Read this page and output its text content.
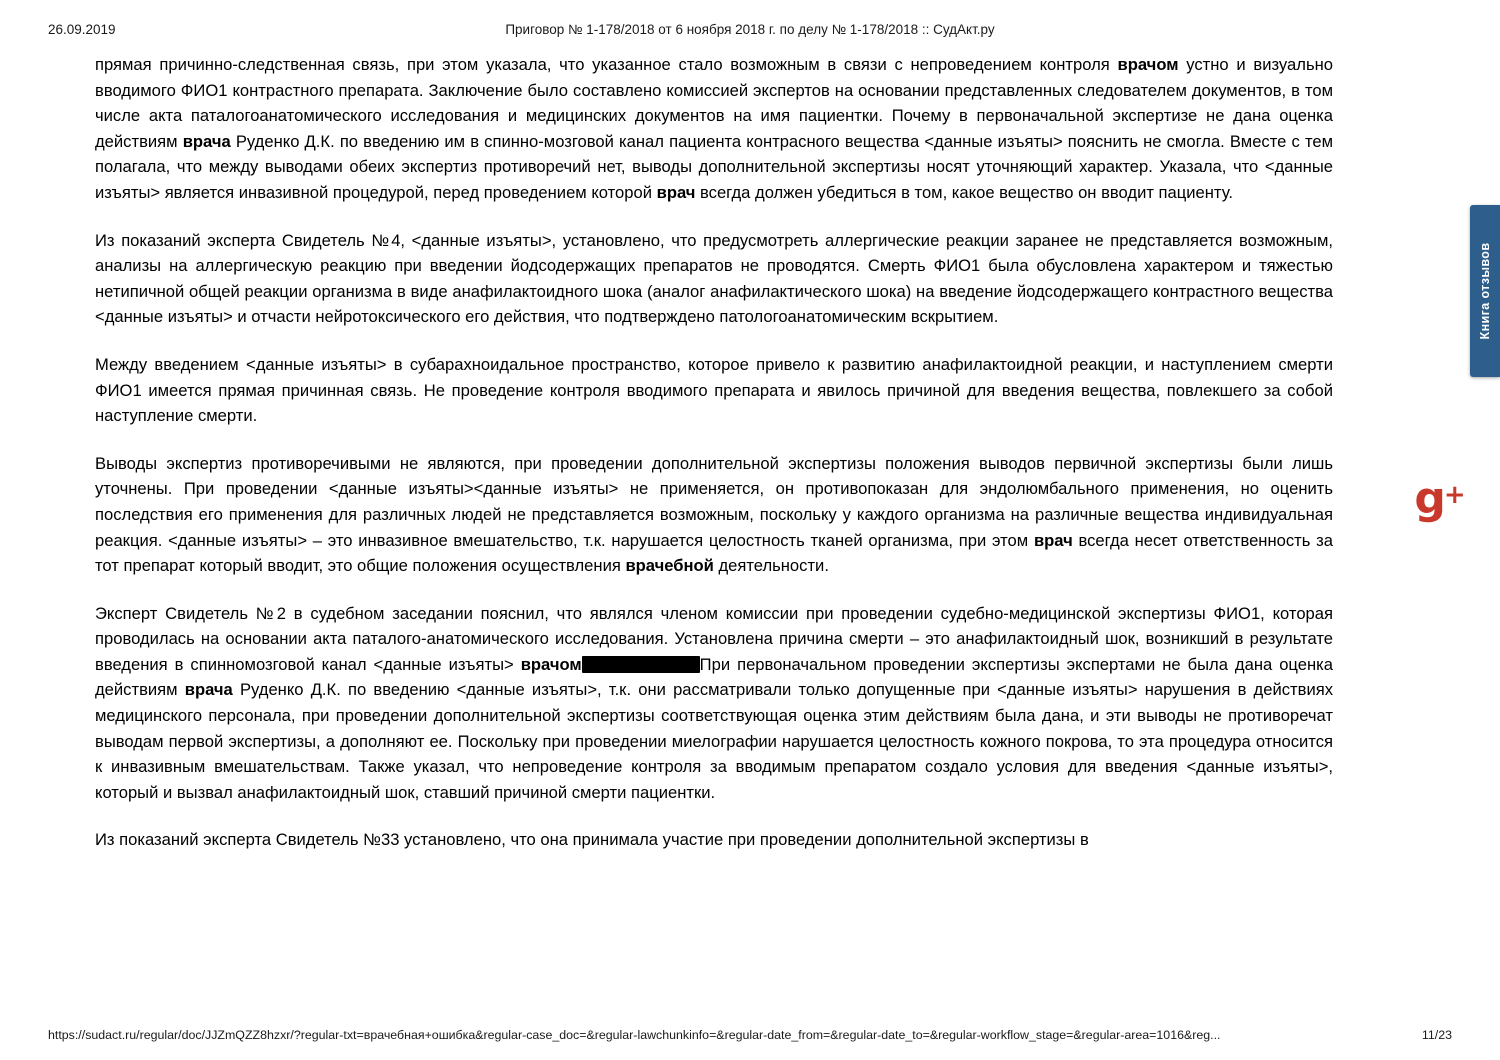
26.09.2019	Приговор № 1-178/2018 от 6 ноября 2018 г. по делу № 1-178/2018 :: СудАкт.ру

прямая причинно-следственная связь, при этом указала, что указанное стало возможным в связи с непроведением контроля врачом устно и визуально вводимого ФИО1 контрастного препарата. Заключение было составлено комиссией экспертов на основании представленных следователем документов, в том числе акта паталогоанатомического исследования и медицинских документов на имя пациентки. Почему в первоначальной экспертизе не дана оценка действиям врача Руденко Д.К. по введению им в спинно-мозговой канал пациента контрасного вещества <данные изъяты> пояснить не смогла. Вместе с тем полагала, что между выводами обеих экспертиз противоречий нет, выводы дополнительной экспертизы носят уточняющий характер. Указала, что <данные изъяты> является инвазивной процедурой, перед проведением которой врач всегда должен убедиться в том, какое вещество он вводит пациенту.

Из показаний эксперта Свидетель №4, <данные изъяты>, установлено, что предусмотреть аллергические реакции заранее не представляется возможным, анализы на аллергическую реакцию при введении йодсодержащих препаратов не проводятся. Смерть ФИО1 была обусловлена характером и тяжестью нетипичной общей реакции организма в виде анафилактоидного шока (аналог анафилактического шока) на введение йодсодержащего контрастного вещества <данные изъяты> и отчасти нейротоксического его действия, что подтверждено патологоанатомическим вскрытием.

Между введением <данные изъяты> в субарахноидальное пространство, которое привело к развитию анафилактоидной реакции, и наступлением смерти ФИО1 имеется прямая причинная связь. Не проведение контроля вводимого препарата и явилось причиной для введения вещества, повлекшего за собой наступление смерти.

Выводы экспертиз противоречивыми не являются, при проведении дополнительной экспертизы положения выводов первичной экспертизы были лишь уточнены. При проведении <данные изъяты><данные изъяты> не применяется, он противопоказан для эндолюмбального применения, но оценить последствия его применения для различных людей не представляется возможным, поскольку у каждого организма на различные вещества индивидуальная реакция. <данные изъяты> – это инвазивное вмешательство, т.к. нарушается целостность тканей организма, при этом врач всегда несет ответственность за тот препарат который вводит, это общие положения осуществления врачебной деятельности.

Эксперт Свидетель №2 в судебном заседании пояснил, что являлся членом комиссии при проведении судебно-медицинской экспертизы ФИО1, которая проводилась на основании акта паталого-анатомического исследования. Установлена причина смерти – это анафилактоидный шок, возникший в результате введения в спинномозговой канал <данные изъяты> врачом	При первоначальном проведении экспертизы экспертами не была дана оценка действиям врача Руденко Д.К. по введению <данные изъяты>, т.к. они рассматривали только допущенные при <данные изъяты> нарушения в действиях медицинского персонала, при проведении дополнительной экспертизы соответствующая оценка этим действиям была дана, и эти выводы не противоречат выводам первой экспертизы, а дополняют ее. Поскольку при проведении миелографии нарушается целостность кожного покрова, то эта процедура относится к инвазивным вмешательствам. Также указал, что непроведение контроля за вводимым препаратом создало условия для введения <данные изъяты>, который и вызвал анафилактоидный шок, ставший причиной смерти пациентки.

Из показаний эксперта Свидетель №33 установлено, что она принимала участие при проведении дополнительной экспертизы в

Книга отзывов
g+
https://sudact.ru/regular/doc/JJZmQZZ8hzxr/?regular-txt=врачебная+ошибка&regular-case_doc=&regular-lawchunkinfo=&regular-date_from=&regular-date_to=&regular-workflow_stage=&regular-area=1016&reg...	11/23
